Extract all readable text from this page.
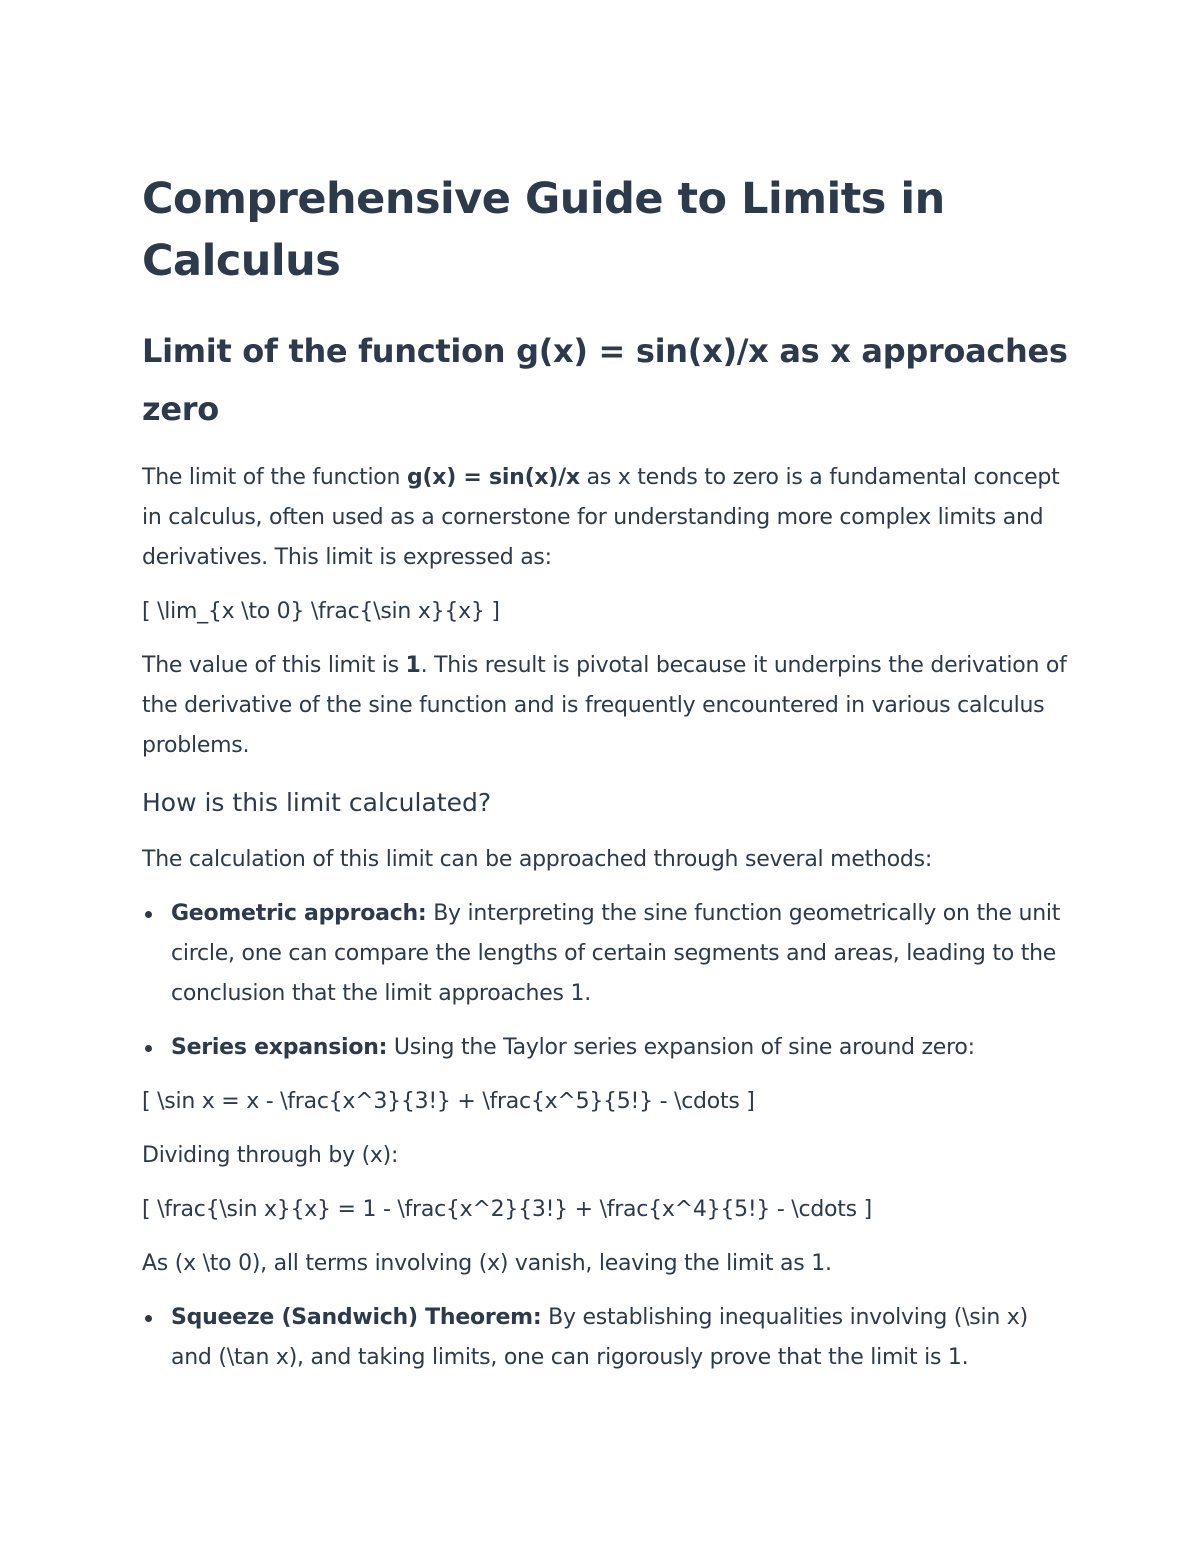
Comprehensive Guide to Limits in Calculus
Limit of the function g(x) = sin(x)/x as x approaches zero

The limit of the function g(x) = sin(x)/x as x tends to zero is a fundamental concept in calculus, often used as a cornerstone for understanding more complex limits and derivatives. This limit is expressed as:

[ \lim_{x \to 0} \frac{\sin x}{x} ]

The value of this limit is 1. This result is pivotal because it underpins the derivation of the derivative of the sine function and is frequently encountered in various calculus problems.

How is this limit calculated?

The calculation of this limit can be approached through several methods:

Geometric approach: By interpreting the sine function geometrically on the unit circle, one can compare the lengths of certain segments and areas, leading to the conclusion that the limit approaches 1.
Series expansion: Using the Taylor series expansion of sine around zero:

[ \sin x = x - \frac{x^3}{3!} + \frac{x^5}{5!} - \cdots ]

Dividing through by (x):

[ \frac{\sin x}{x} = 1 - \frac{x^2}{3!} + \frac{x^4}{5!} - \cdots ]

As (x \to 0), all terms involving (x) vanish, leaving the limit as 1.

Squeeze (Sandwich) Theorem: By establishing inequalities involving (\sin x) and (\tan x), and taking limits, one can rigorously prove that the limit is 1.
